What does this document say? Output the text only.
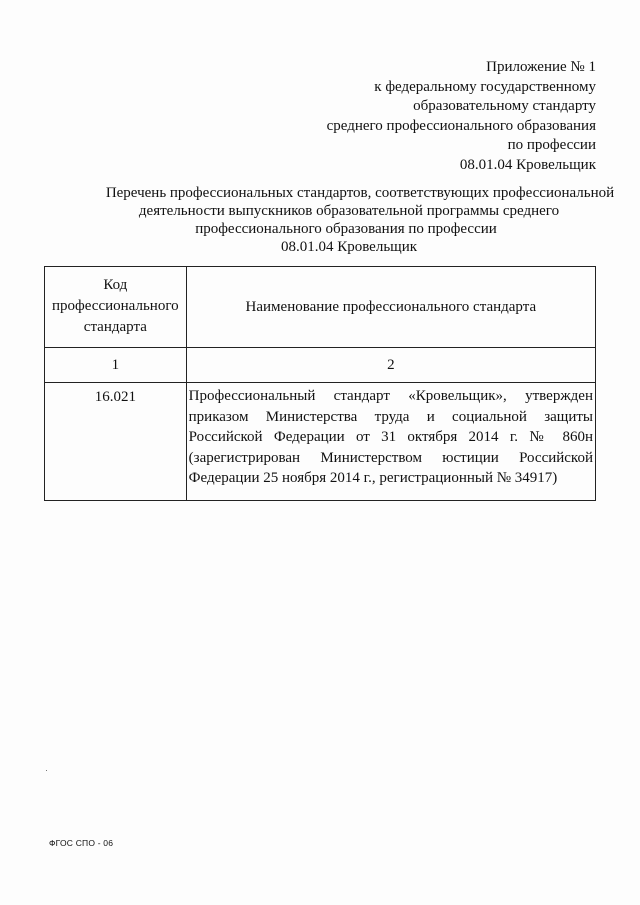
Приложение № 1
к федеральному государственному
образовательному стандарту
среднего профессионального образования
по профессии
08.01.04 Кровельщик
Перечень профессиональных стандартов, соответствующих профессиональной
деятельности выпускников образовательной программы среднего
профессионального образования по профессии
08.01.04 Кровельщик
Код
профессионального
стандарта	Наименование профессионального стандарта
1	2
16.021	Профессиональный стандарт «Кровельщик», утвержден
приказом Министерства труда и социальной защиты
Российской Федерации от 31 октября 2014 г. № 860н
(зарегистрирован Министерством юстиции Российской
Федерации 25 ноября 2014 г., регистрационный № 34917)
ФГОС СПО - 06
